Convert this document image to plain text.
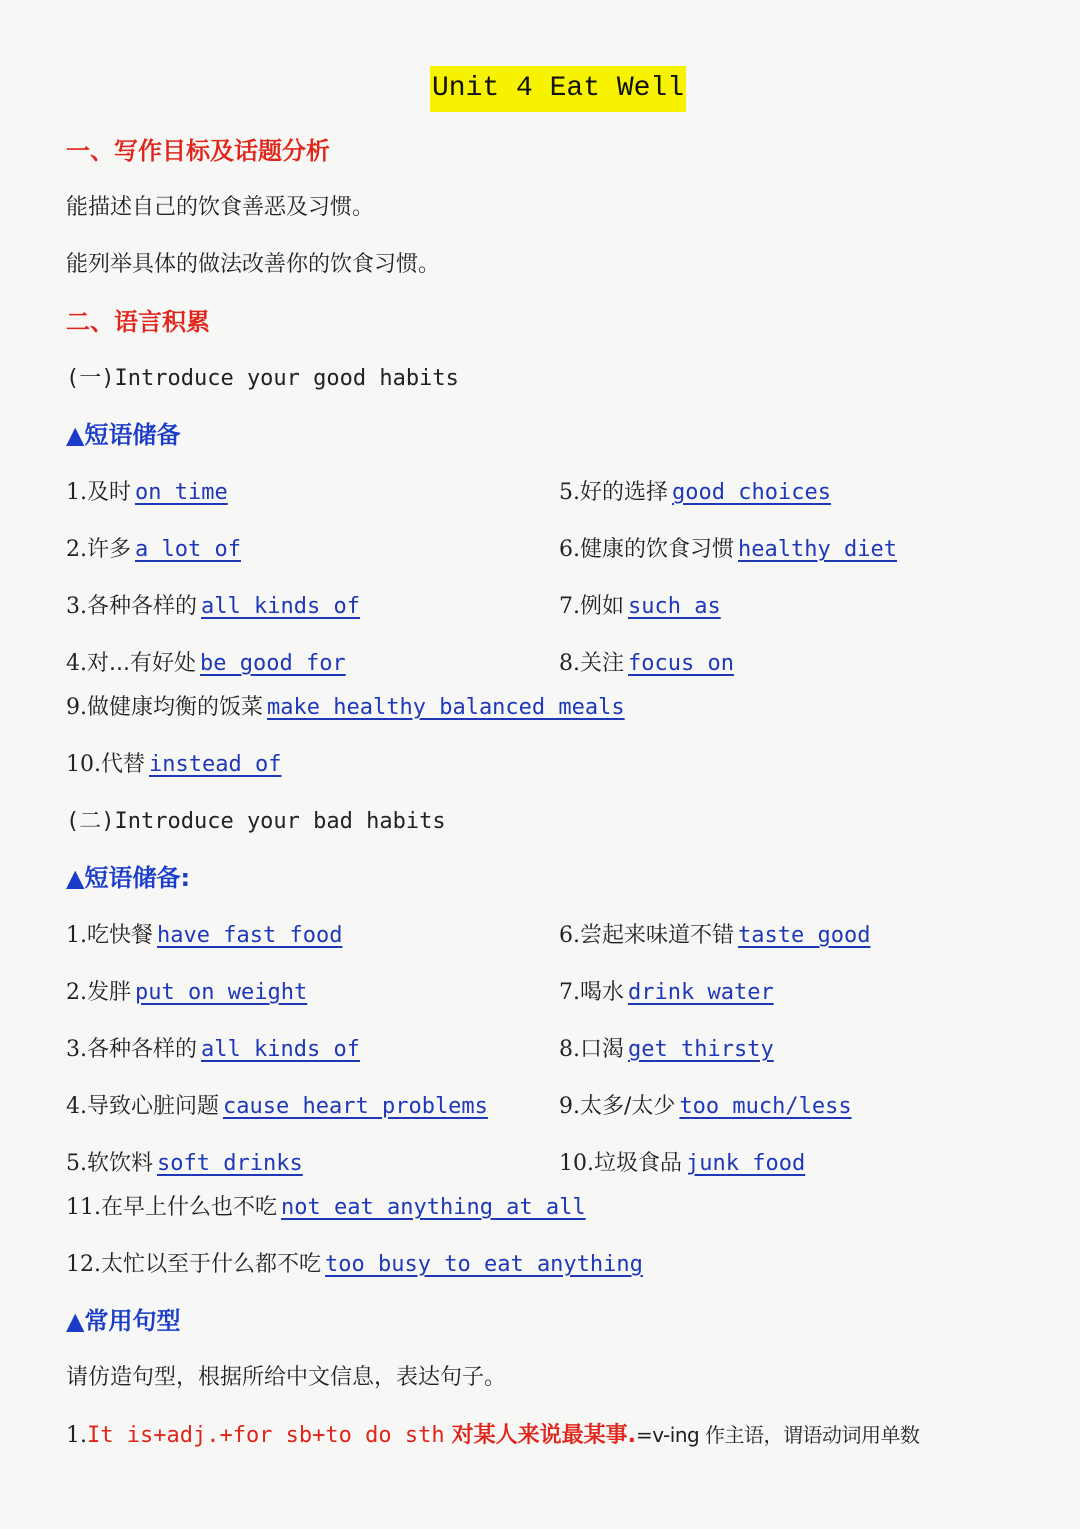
Unit 4 Eat Well
一、写作目标及话题分析
能描述自己的饮食善恶及习惯。
能列举具体的做法改善你的饮食习惯。
二、语言积累
(一)Introduce your good habits
▲短语储备
1.及时 on time
2.许多 a lot of
3.各种各样的 all kinds of
4.对...有好处 be good for
5.好的选择 good choices
6.健康的饮食习惯 healthy diet
7.例如 such as
8.关注 focus on
9.做健康均衡的饭菜 make healthy balanced meals
10.代替 instead of
(二)Introduce your bad habits
▲短语储备:
1.吃快餐 have fast food
2.发胖 put on weight
3.各种各样的 all kinds of
4.导致心脏问题 cause heart problems
5.软饮料 soft drinks
6.尝起来味道不错 taste good
7.喝水 drink water
8.口渴 get thirsty
9.太多/太少 too much/less
10.垃圾食品 junk food
11.在早上什么也不吃 not eat anything at all
12.太忙以至于什么都不吃 too busy to eat anything
▲常用句型
请仿造句型，根据所给中文信息，表达句子。
1.It is+adj.+for sb+to do sth 对某人来说最某事.=v-ing 作主语，谓语动词用单数
